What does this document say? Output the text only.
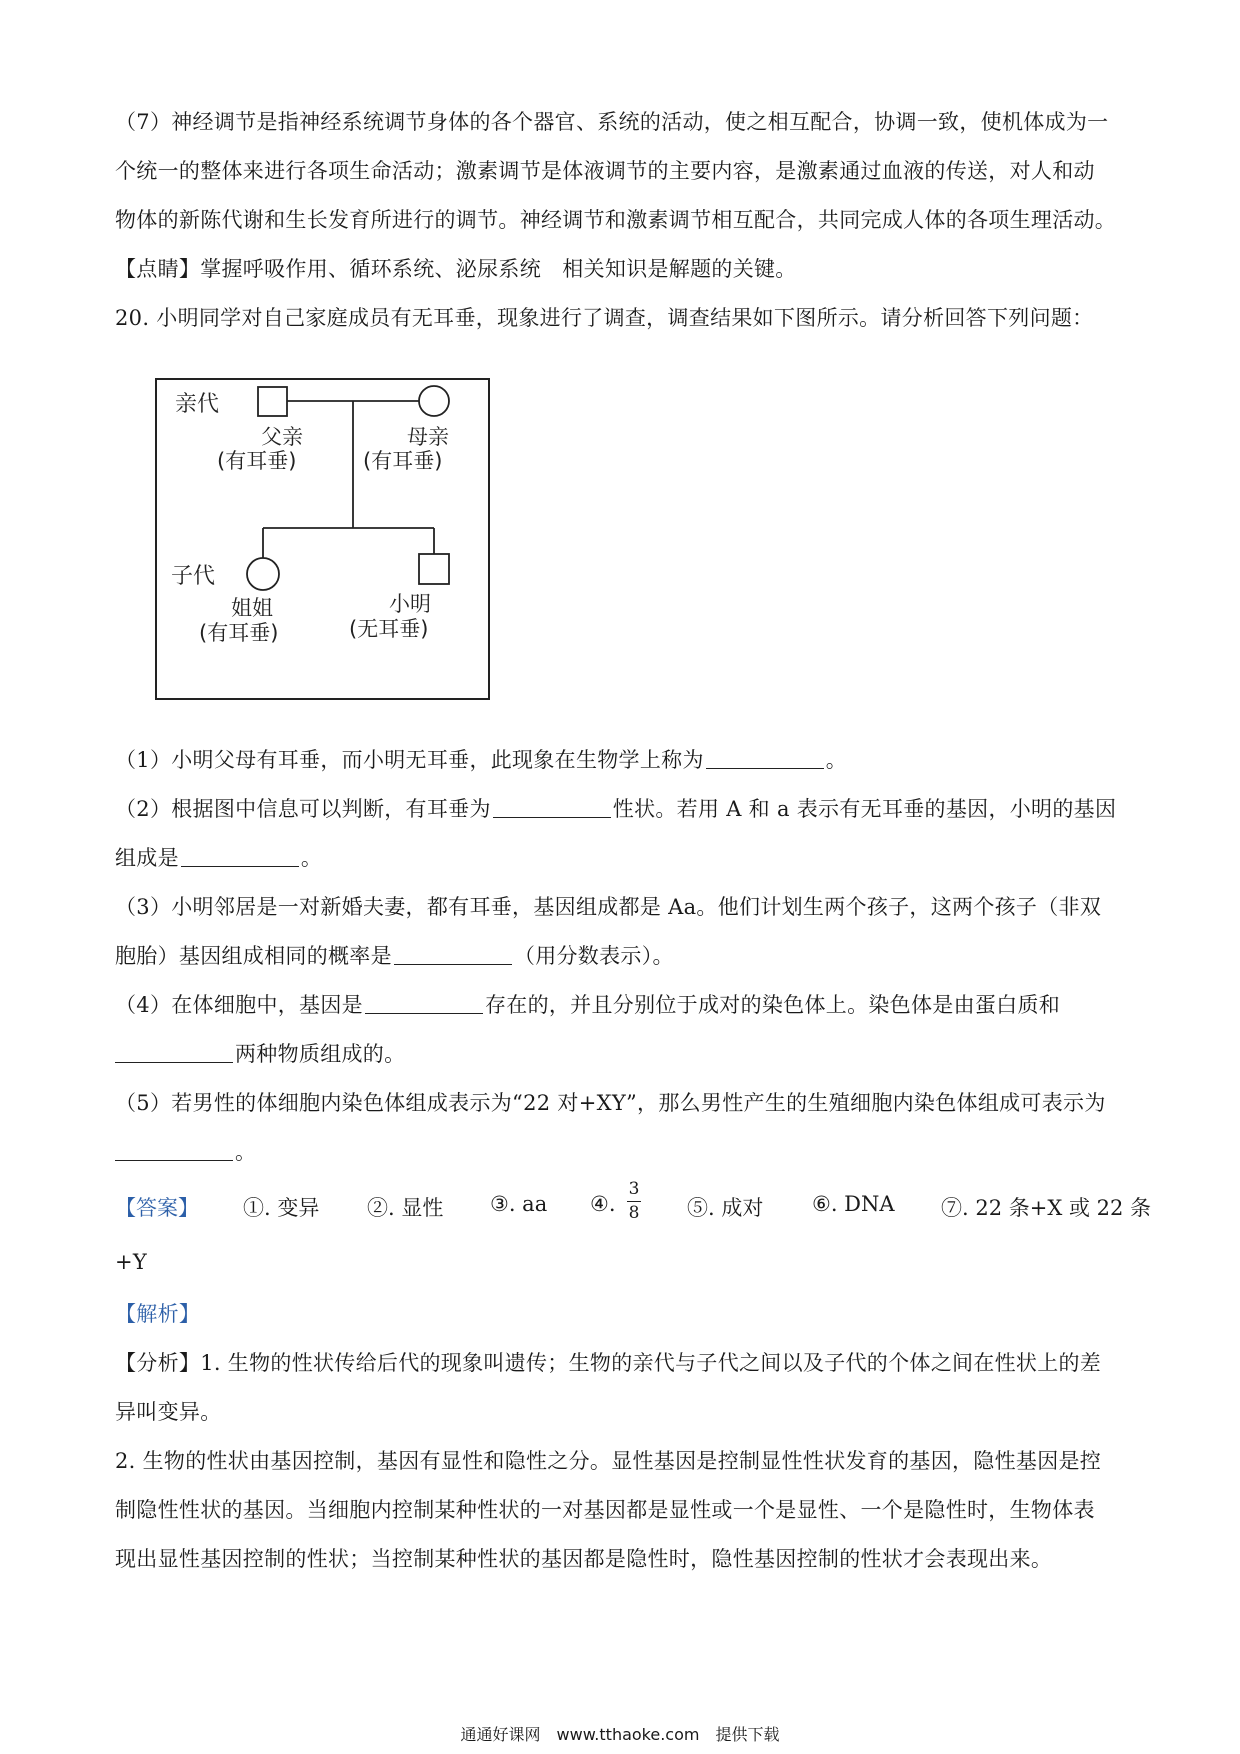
（7）神经调节是指神经系统调节身体的各个器官、系统的活动，使之相互配合，协调一致，使机体成为一
个统一的整体来进行各项生命活动；激素调节是体液调节的主要内容，是激素通过血液的传送，对人和动
物体的新陈代谢和生长发育所进行的调节。神经调节和激素调节相互配合，共同完成人体的各项生理活动。
【点睛】掌握呼吸作用、循环系统、泌尿系统　相关知识是解题的关键。
20. 小明同学对自己家庭成员有无耳垂，现象进行了调查，调查结果如下图所示。请分析回答下列问题：
亲代
父亲
(有耳垂)
母亲
(有耳垂)
子代
姐姐
(有耳垂)
小明
(无耳垂)
（1）小明父母有耳垂，而小明无耳垂，此现象在生物学上称为	。
（2）根据图中信息可以判断，有耳垂为	性状。若用 A 和 a 表示有无耳垂的基因，小明的基因
组成是	。
（3）小明邻居是一对新婚夫妻，都有耳垂，基因组成都是 Aa。他们计划生两个孩子，这两个孩子（非双
胞胎）基因组成相同的概率是	（用分数表示）。
（4）在体细胞中，基因是	存在的，并且分别位于成对的染色体上。染色体是由蛋白质和
两种物质组成的。
（5）若男性的体细胞内染色体组成表示为“22 对+XY”，那么男性产生的生殖细胞内染色体组成可表示为
。
【答案】 ①. 变异 ②. 显性 ③. aa ④.
3
8 ⑤. 成对 ⑥. DNA ⑦. 22 条+X 或 22 条
+Y
【解析】
【分析】1. 生物的性状传给后代的现象叫遗传；生物的亲代与子代之间以及子代的个体之间在性状上的差
异叫变异。
2. 生物的性状由基因控制，基因有显性和隐性之分。显性基因是控制显性性状发育的基因，隐性基因是控
制隐性性状的基因。当细胞内控制某种性状的一对基因都是显性或一个是显性、一个是隐性时，生物体表
现出显性基因控制的性状；当控制某种性状的基因都是隐性时，隐性基因控制的性状才会表现出来。
通通好课网　www.tthaoke.com　提供下载
